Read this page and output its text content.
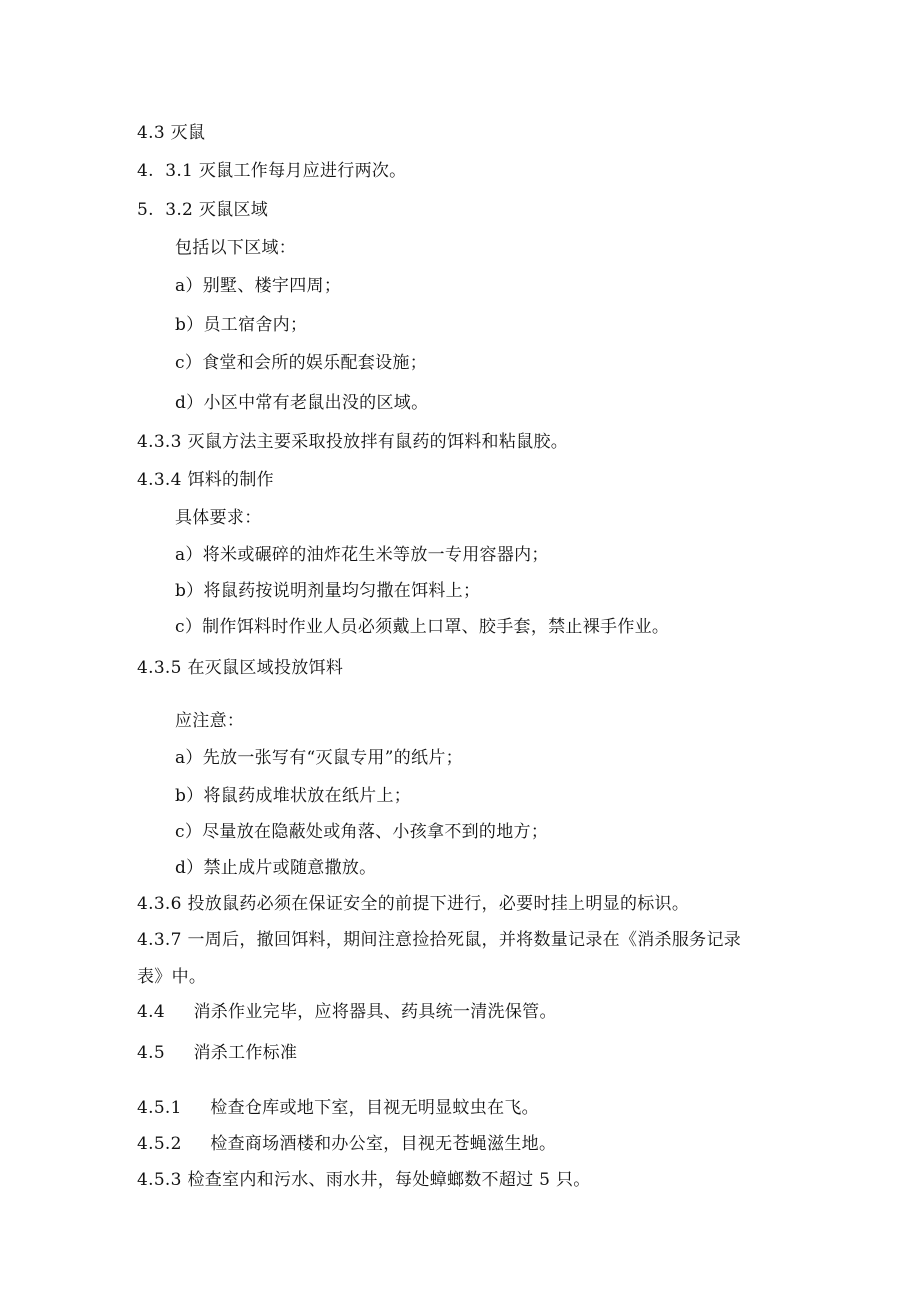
4.3 灭鼠
4.  3.1 灭鼠工作每月应进行两次。
5.  3.2 灭鼠区域
包括以下区域：
a）别墅、楼宇四周；
b）员工宿舍内；
c）食堂和会所的娱乐配套设施；
d）小区中常有老鼠出没的区域。
4.3.3 灭鼠方法主要采取投放拌有鼠药的饵料和粘鼠胶。
4.3.4 饵料的制作
具体要求：
a）将米或碾碎的油炸花生米等放一专用容器内；
b）将鼠药按说明剂量均匀撒在饵料上；
c）制作饵料时作业人员必须戴上口罩、胶手套，禁止裸手作业。
4.3.5 在灭鼠区域投放饵料
应注意：
a）先放一张写有“灭鼠专用”的纸片；
b）将鼠药成堆状放在纸片上；
c）尽量放在隐蔽处或角落、小孩拿不到的地方；
d）禁止成片或随意撒放。
4.3.6 投放鼠药必须在保证安全的前提下进行，必要时挂上明显的标识。
4.3.7 一周后，撤回饵料，期间注意捡拾死鼠，并将数量记录在《消杀服务记录
表》中。
4.4     消杀作业完毕，应将器具、药具统一清洗保管。
4.5     消杀工作标准
4.5.1     检查仓库或地下室，目视无明显蚊虫在飞。
4.5.2     检查商场酒楼和办公室，目视无苍蝇滋生地。
4.5.3 检查室内和污水、雨水井，每处蟑螂数不超过 5 只。
